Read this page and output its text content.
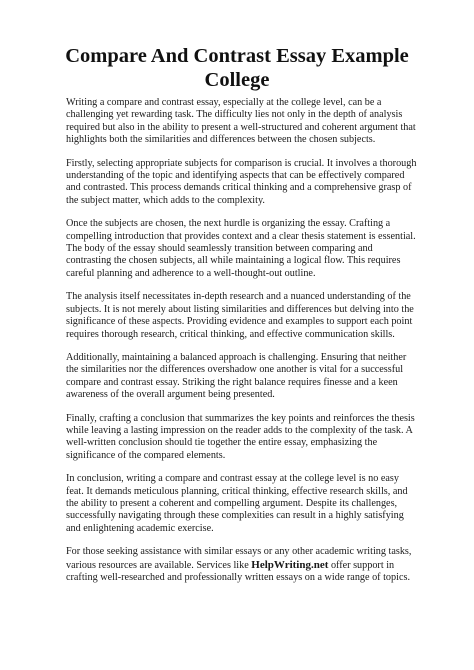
Compare And Contrast Essay Example College

Writing a compare and contrast essay, especially at the college level, can be a challenging yet rewarding task. The difficulty lies not only in the depth of analysis required but also in the ability to present a well-structured and coherent argument that highlights both the similarities and differences between the chosen subjects.

Firstly, selecting appropriate subjects for comparison is crucial. It involves a thorough understanding of the topic and identifying aspects that can be effectively compared and contrasted. This process demands critical thinking and a comprehensive grasp of the subject matter, which adds to the complexity.

Once the subjects are chosen, the next hurdle is organizing the essay. Crafting a compelling introduction that provides context and a clear thesis statement is essential. The body of the essay should seamlessly transition between comparing and contrasting the chosen subjects, all while maintaining a logical flow. This requires careful planning and adherence to a well-thought-out outline.

The analysis itself necessitates in-depth research and a nuanced understanding of the subjects. It is not merely about listing similarities and differences but delving into the significance of these aspects. Providing evidence and examples to support each point requires thorough research, critical thinking, and effective communication skills.

Additionally, maintaining a balanced approach is challenging. Ensuring that neither the similarities nor the differences overshadow one another is vital for a successful compare and contrast essay. Striking the right balance requires finesse and a keen awareness of the overall argument being presented.

Finally, crafting a conclusion that summarizes the key points and reinforces the thesis while leaving a lasting impression on the reader adds to the complexity of the task. A well-written conclusion should tie together the entire essay, emphasizing the significance of the compared elements.

In conclusion, writing a compare and contrast essay at the college level is no easy feat. It demands meticulous planning, critical thinking, effective research skills, and the ability to present a coherent and compelling argument. Despite its challenges, successfully navigating through these complexities can result in a highly satisfying and enlightening academic exercise.

For those seeking assistance with similar essays or any other academic writing tasks, various resources are available. Services like HelpWriting.net offer support in crafting well-researched and professionally written essays on a wide range of topics.
